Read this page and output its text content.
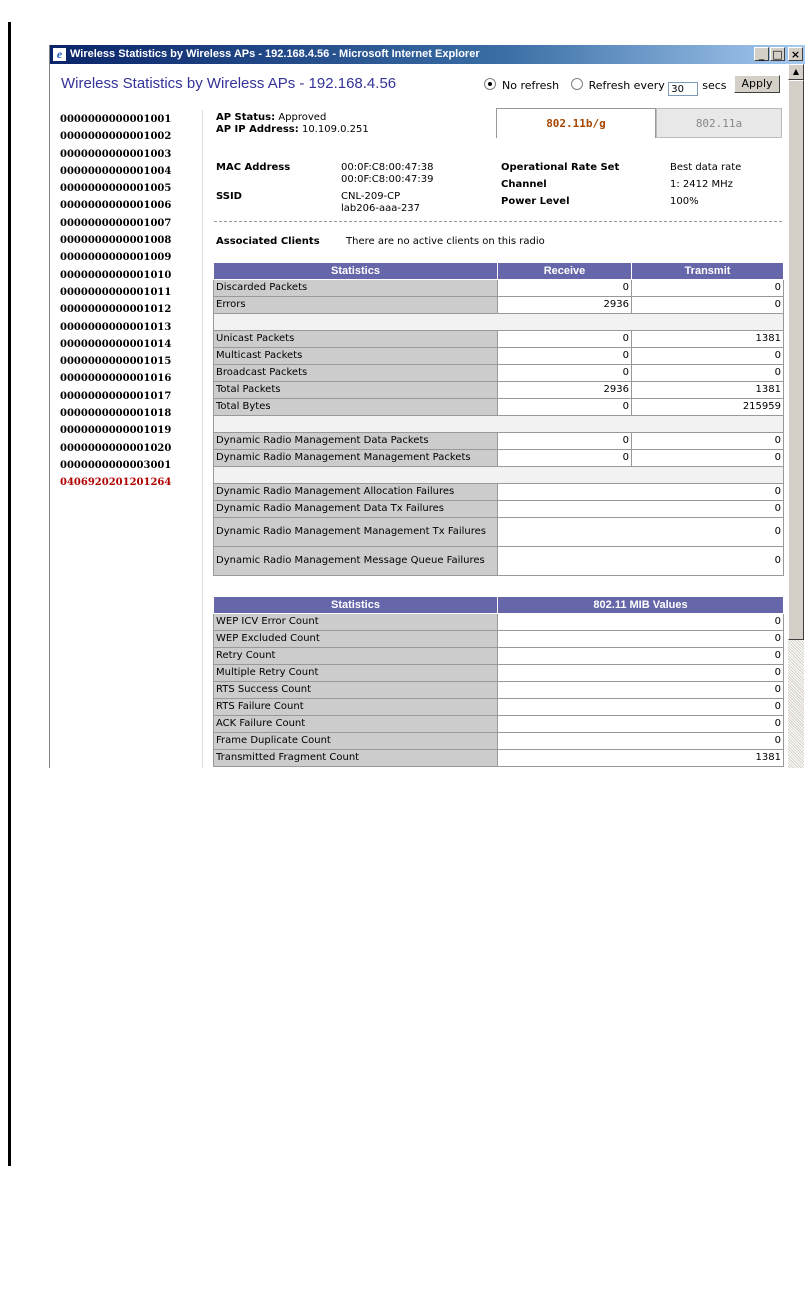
e Wireless Statistics by Wireless APs - 192.168.4.56 - Microsoft Internet Explorer	_ □ ×
Wireless Statistics by Wireless APs - 192.168.4.56	No refresh	Refresh every 30 secs	Apply
0000000000001001
0000000000001002
0000000000001003
0000000000001004
0000000000001005
0000000000001006
0000000000001007
0000000000001008
0000000000001009
0000000000001010
0000000000001011
0000000000001012
0000000000001013
0000000000001014
0000000000001015
0000000000001016
0000000000001017
0000000000001018
0000000000001019
0000000000001020
0000000000003001
0406920201201264
AP Status: Approved
AP IP Address: 10.109.0.251	802.11b/g	802.11a
MAC Address	00:0F:C8:00:47:38
00:0F:C8:00:47:39
SSID	CNL-209-CP
lab206-aaa-237
Operational Rate Set	Best data rate
Channel	1: 2412 MHz
Power Level	100%
Associated Clients	There are no active clients on this radio
Statistics	Receive	Transmit
Discarded Packets	0	0
Errors	2936	0

Unicast Packets	0	1381
Multicast Packets	0	0
Broadcast Packets	0	0
Total Packets	2936	1381
Total Bytes	0	215959

Dynamic Radio Management Data Packets	0	0
Dynamic Radio Management Management Packets	0	0

Dynamic Radio Management Allocation Failures	0	
Dynamic Radio Management Data Tx Failures	0	
Dynamic Radio Management Management Tx Failures	0	
Dynamic Radio Management Message Queue Failures	0	
Statistics	802.11 MIB Values
WEP ICV Error Count	0
WEP Excluded Count	0
Retry Count	0
Multiple Retry Count	0
RTS Success Count	0
RTS Failure Count	0
ACK Failure Count	0
Frame Duplicate Count	0
Transmitted Fragment Count	1381
▲
